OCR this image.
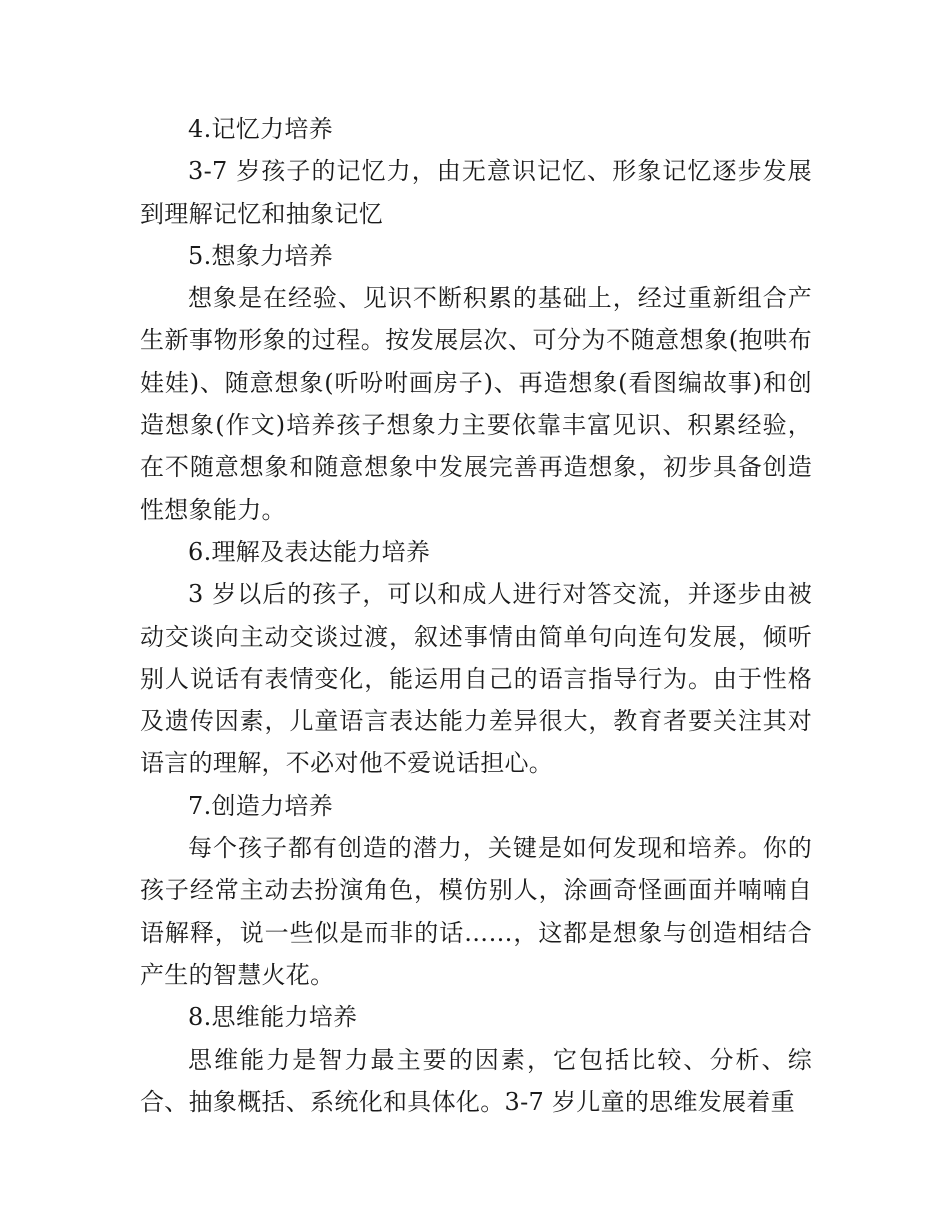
4.记忆力培养

3-7 岁孩子的记忆力，由无意识记忆、形象记忆逐步发展到理解记忆和抽象记忆

5.想象力培养

想象是在经验、见识不断积累的基础上，经过重新组合产生新事物形象的过程。按发展层次、可分为不随意想象(抱哄布娃娃)、随意想象(听吩咐画房子)、再造想象(看图编故事)和创造想象(作文)培养孩子想象力主要依靠丰富见识、积累经验，在不随意想象和随意想象中发展完善再造想象，初步具备创造性想象能力。

6.理解及表达能力培养

3 岁以后的孩子，可以和成人进行对答交流，并逐步由被动交谈向主动交谈过渡，叙述事情由简单句向连句发展，倾听别人说话有表情变化，能运用自己的语言指导行为。由于性格及遗传因素，儿童语言表达能力差异很大，教育者要关注其对语言的理解，不必对他不爱说话担心。

7.创造力培养

每个孩子都有创造的潜力，关键是如何发现和培养。你的孩子经常主动去扮演角色，模仿别人，涂画奇怪画面并喃喃自语解释，说一些似是而非的话……，这都是想象与创造相结合产生的智慧火花。

8.思维能力培养

思维能力是智力最主要的因素，它包括比较、分析、综合、抽象概括、系统化和具体化。3-7 岁儿童的思维发展着重
